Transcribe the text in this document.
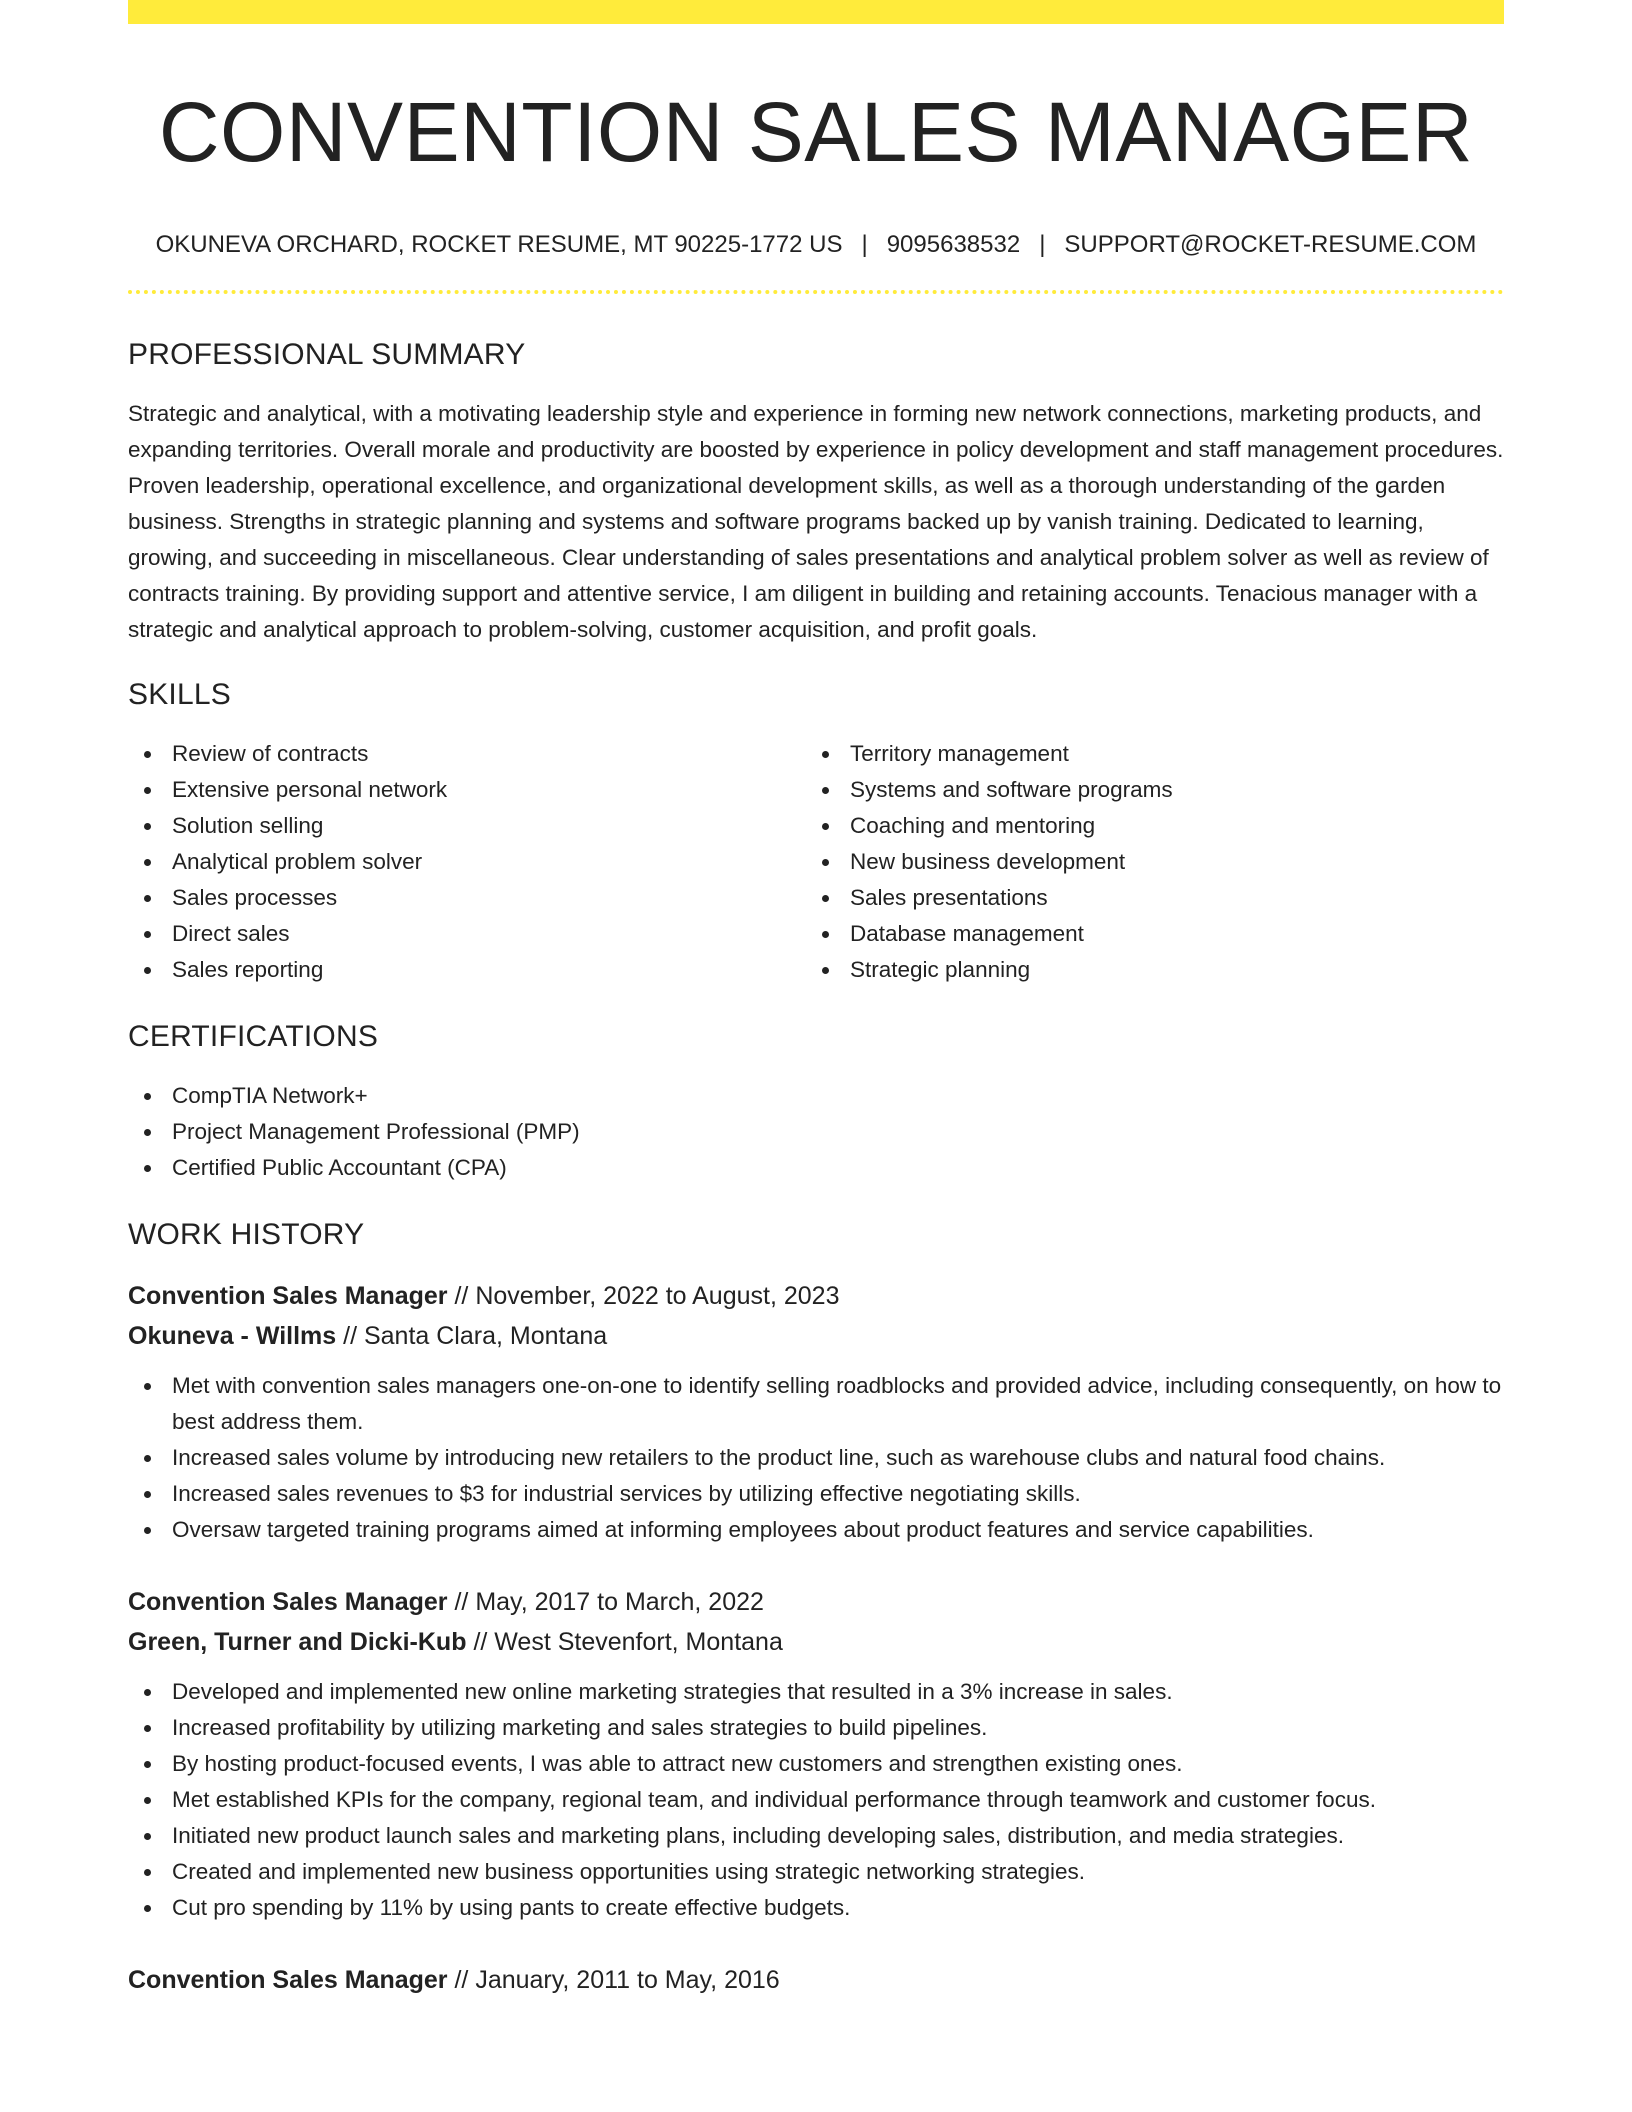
CONVENTION SALES MANAGER
OKUNEVA ORCHARD, ROCKET RESUME, MT 90225-1772 US | 9095638532 | SUPPORT@ROCKET-RESUME.COM
PROFESSIONAL SUMMARY

Strategic and analytical, with a motivating leadership style and experience in forming new network connections, marketing products, and expanding territories. Overall morale and productivity are boosted by experience in policy development and staff management procedures. Proven leadership, operational excellence, and organizational development skills, as well as a thorough understanding of the garden business. Strengths in strategic planning and systems and software programs backed up by vanish training. Dedicated to learning, growing, and succeeding in miscellaneous. Clear understanding of sales presentations and analytical problem solver as well as review of contracts training. By providing support and attentive service, I am diligent in building and retaining accounts. Tenacious manager with a strategic and analytical approach to problem-solving, customer acquisition, and profit goals.

SKILLS
Review of contracts
Extensive personal network
Solution selling
Analytical problem solver
Sales processes
Direct sales
Sales reporting
Territory management
Systems and software programs
Coaching and mentoring
New business development
Sales presentations
Database management
Strategic planning
CERTIFICATIONS
CompTIA Network+
Project Management Professional (PMP)
Certified Public Accountant (CPA)
WORK HISTORY
Convention Sales Manager // November, 2022 to August, 2023
Okuneva - Willms // Santa Clara, Montana
Met with convention sales managers one-on-one to identify selling roadblocks and provided advice, including consequently, on how to best address them.
Increased sales volume by introducing new retailers to the product line, such as warehouse clubs and natural food chains.
Increased sales revenues to $3 for industrial services by utilizing effective negotiating skills.
Oversaw targeted training programs aimed at informing employees about product features and service capabilities.
Convention Sales Manager // May, 2017 to March, 2022
Green, Turner and Dicki-Kub // West Stevenfort, Montana
Developed and implemented new online marketing strategies that resulted in a 3% increase in sales.
Increased profitability by utilizing marketing and sales strategies to build pipelines.
By hosting product-focused events, I was able to attract new customers and strengthen existing ones.
Met established KPIs for the company, regional team, and individual performance through teamwork and customer focus.
Initiated new product launch sales and marketing plans, including developing sales, distribution, and media strategies.
Created and implemented new business opportunities using strategic networking strategies.
Cut pro spending by 11% by using pants to create effective budgets.
Convention Sales Manager // January, 2011 to May, 2016
